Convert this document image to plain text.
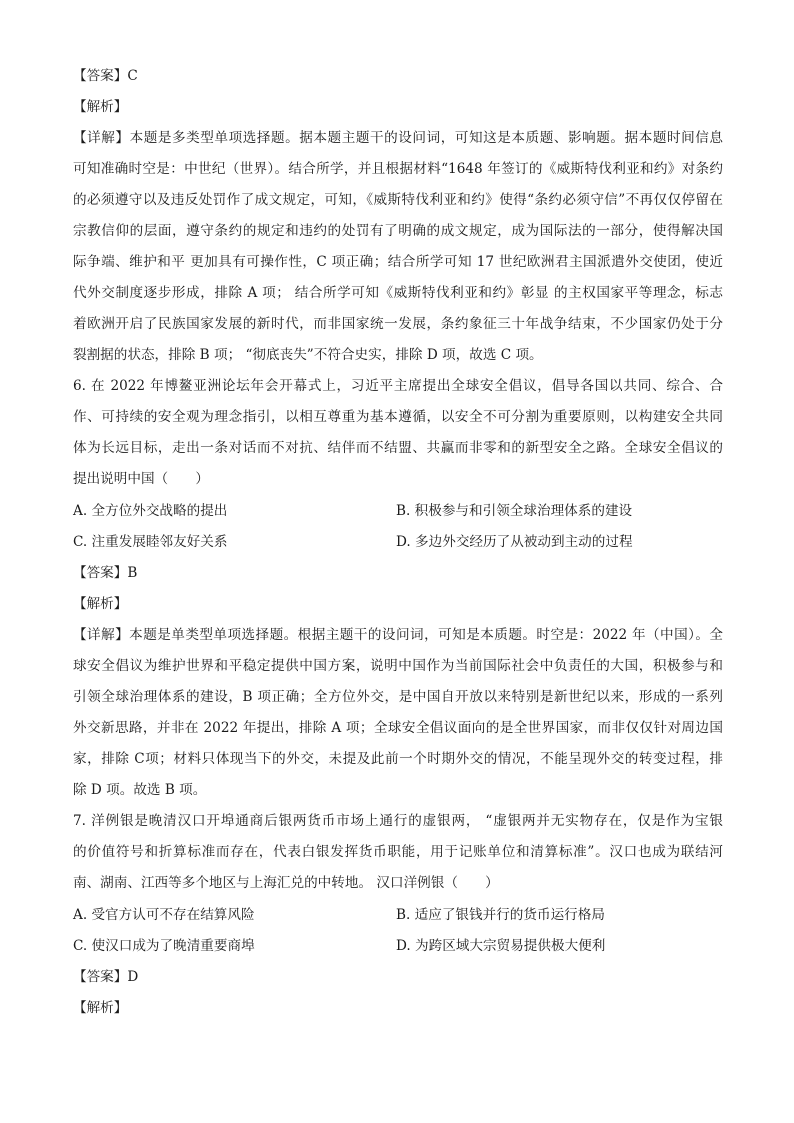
【答案】C
【解析】
【详解】本题是多类型单项选择题。据本题主题干的设问词，可知这是本质题、影响题。据本题时间信息
可知准确时空是：中世纪（世界）。结合所学，并且根据材料“1648 年签订的《威斯特伐利亚和约》对条约
的必须遵守以及违反处罚作了成文规定，可知，《威斯特伐利亚和约》使得“条约必须守信”不再仅仅停留在
宗教信仰的层面，遵守条约的规定和违约的处罚有了明确的成文规定，成为国际法的一部分，使得解决国
际争端、维护和平 更加具有可操作性，C 项正确；结合所学可知 17 世纪欧洲君主国派遣外交使团，使近
代外交制度逐步形成，排除 A 项； 结合所学可知《威斯特伐利亚和约》彰显 的主权国家平等理念，标志
着欧洲开启了民族国家发展的新时代，而非国家统一发展，条约象征三十年战争结束，不少国家仍处于分
裂割据的状态，排除 B 项； “彻底丧失”不符合史实，排除 D 项，故选 C 项。
6. 在 2022 年博鳌亚洲论坛年会开幕式上，习近平主席提出全球安全倡议，倡导各国以共同、综合、合
作、可持续的安全观为理念指引，以相互尊重为基本遵循，以安全不可分割为重要原则，以构建安全共同
体为长远目标，走出一条对话而不对抗、结伴而不结盟、共赢而非零和的新型安全之路。全球安全倡议的
提出说明中国（　　）
A. 全方位外交战略的提出	B. 积极参与和引领全球治理体系的建设
C. 注重发展睦邻友好关系	D. 多边外交经历了从被动到主动的过程
【答案】B
【解析】
【详解】本题是单类型单项选择题。根据主题干的设问词，可知是本质题。时空是：2022 年（中国）。全
球安全倡议为维护世界和平稳定提供中国方案，说明中国作为当前国际社会中负责任的大国，积极参与和
引领全球治理体系的建设，B 项正确；全方位外交，是中国自开放以来特别是新世纪以来，形成的一系列
外交新思路，并非在 2022 年提出，排除 A 项；全球安全倡议面向的是全世界国家，而非仅仅针对周边国
家，排除 C项；材料只体现当下的外交，未提及此前一个时期外交的情况，不能呈现外交的转变过程，排
除 D 项。故选 B 项。
7. 洋例银是晚清汉口开埠通商后银两货币市场上通行的虚银两， “虚银两并无实物存在，仅是作为宝银
的价值符号和折算标准而存在，代表白银发挥货币职能，用于记账单位和清算标准”。汉口也成为联结河
南、湖南、江西等多个地区与上海汇兑的中转地。 汉口洋例银（　　）
A. 受官方认可不存在结算风险	B. 适应了银钱并行的货币运行格局
C. 使汉口成为了晚清重要商埠	D. 为跨区域大宗贸易提供极大便利
【答案】D
【解析】
